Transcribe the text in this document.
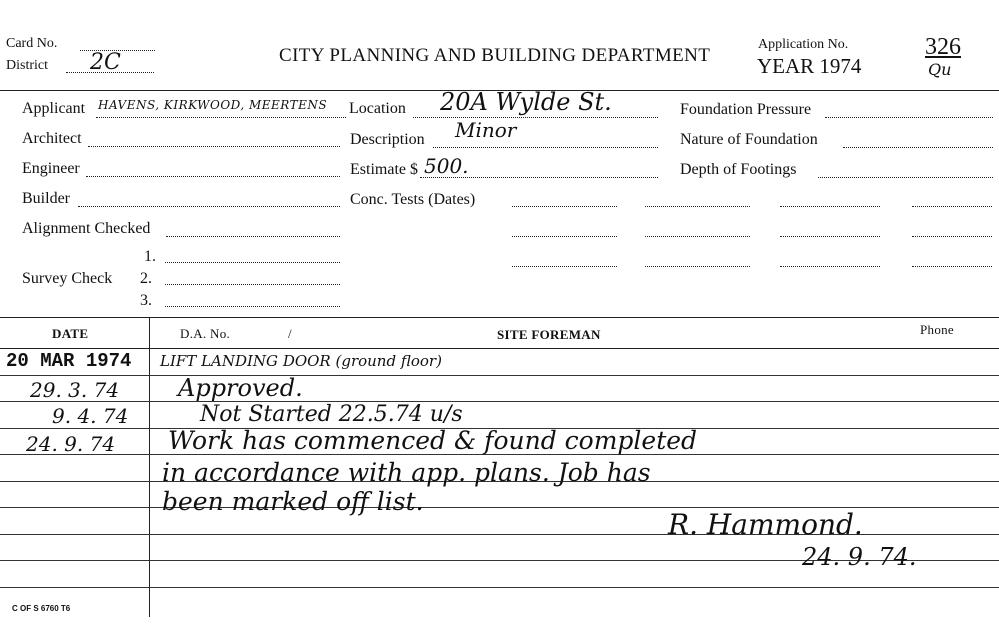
Card No.
District 2C	CITY PLANNING AND BUILDING DEPARTMENT
Application No.
YEAR 1974
326
Qu
Applicant HAVENS, KIRKWOOD, MEERTENS
Architect
Engineer
Builder
Alignment Checked
Survey Check
1.
2.
3.
Location 20A Wylde St.
Description Minor
Estimate $ 500.
Conc. Tests (Dates)
Foundation Pressure
Nature of Foundation
Depth of Footings
DATE	D.A. No.	/	SITE FOREMAN	Phone
20 MAR 1974 LIFT LANDING DOOR (ground floor)
29. 3. 74 Approved.
9. 4. 74	Not Started 22.5.74 u/s
24. 9. 74 Work has commenced & found completed
in accordance with app. plans. Job has
been marked off list.
R. Hammond.
24. 9. 74.
C OF S 6760 T6
